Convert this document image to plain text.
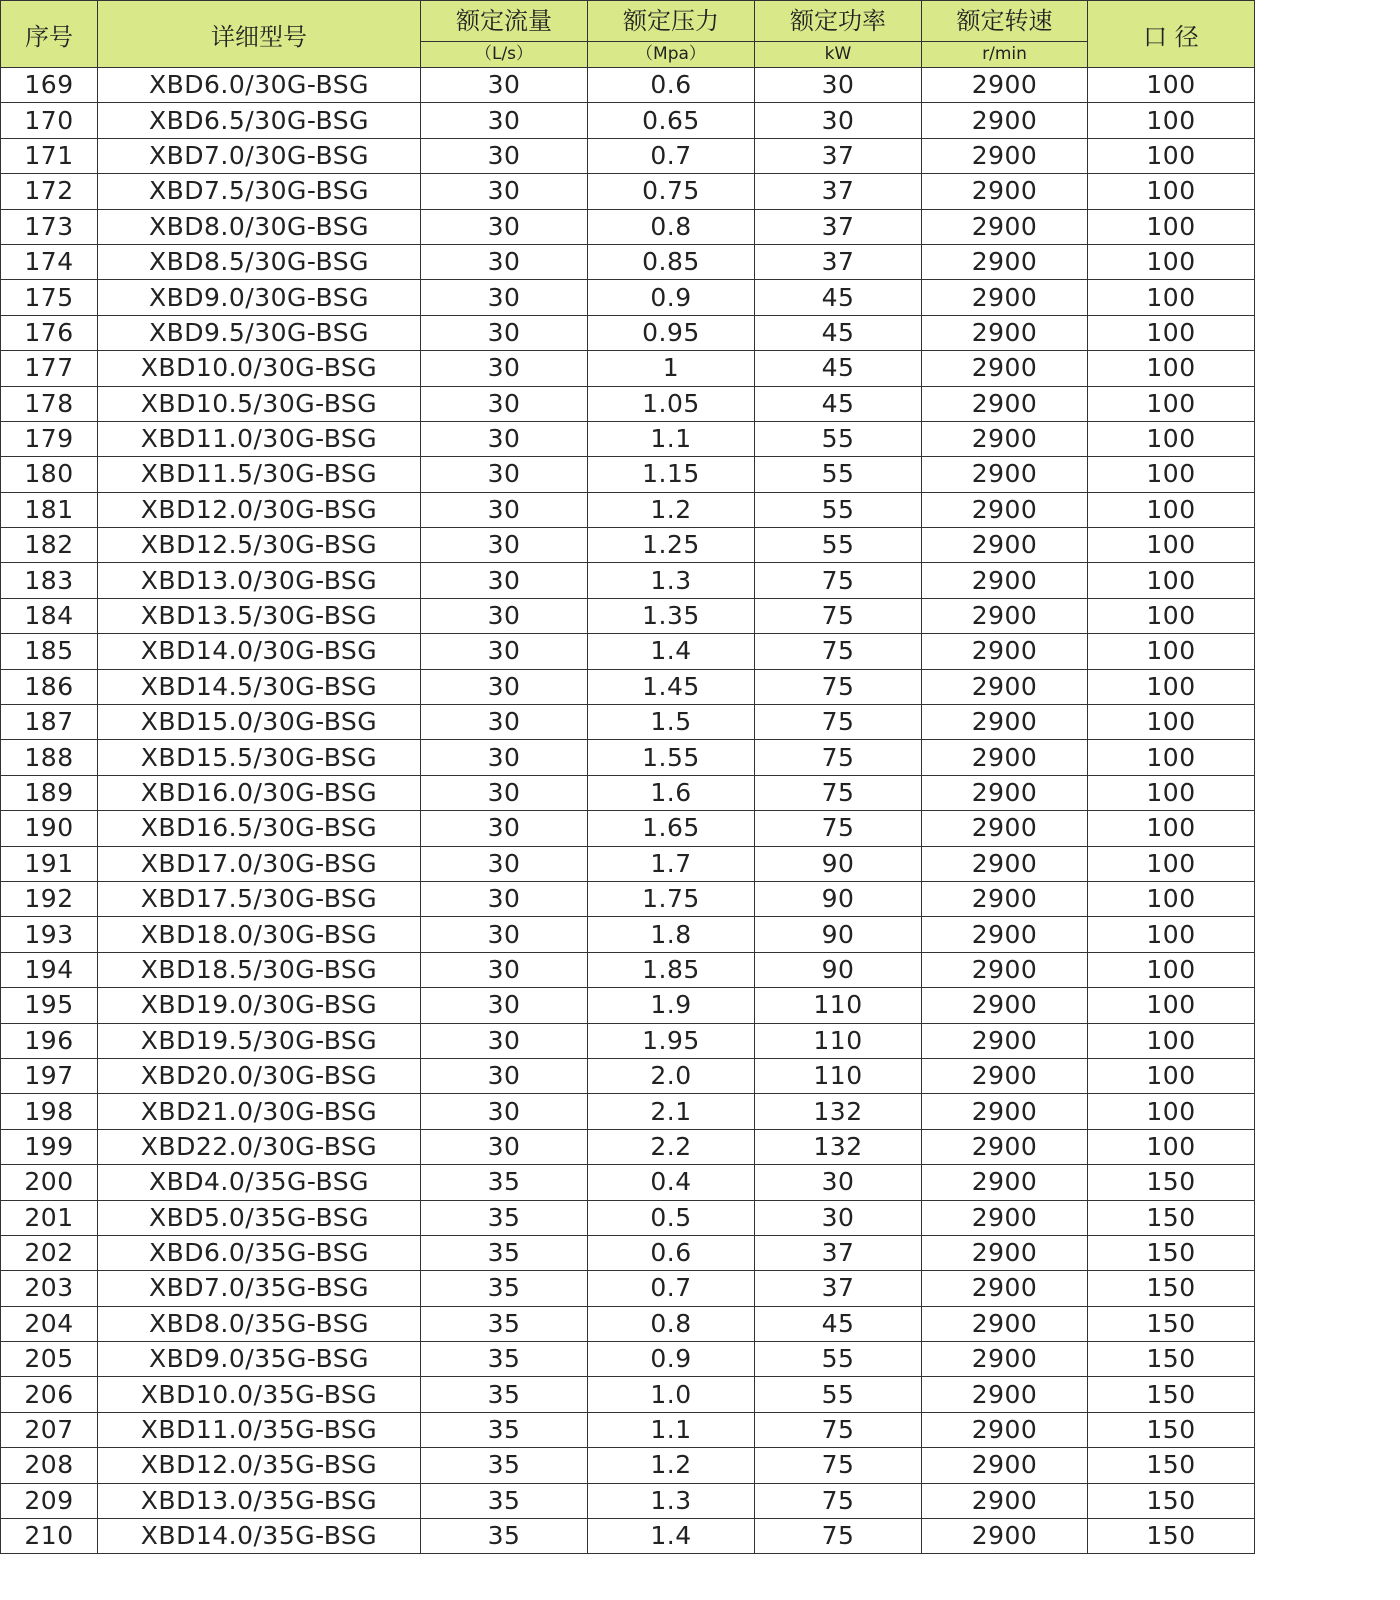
序号	详细型号	额定流量	额定压力	额定功率	额定转速	口 径
		（L/s）	（Mpa）	kW	r/min	
169	XBD6.0/30G-BSG	30	0.6	30	2900	100
170	XBD6.5/30G-BSG	30	0.65	30	2900	100
171	XBD7.0/30G-BSG	30	0.7	37	2900	100
172	XBD7.5/30G-BSG	30	0.75	37	2900	100
173	XBD8.0/30G-BSG	30	0.8	37	2900	100
174	XBD8.5/30G-BSG	30	0.85	37	2900	100
175	XBD9.0/30G-BSG	30	0.9	45	2900	100
176	XBD9.5/30G-BSG	30	0.95	45	2900	100
177	XBD10.0/30G-BSG	30	1	45	2900	100
178	XBD10.5/30G-BSG	30	1.05	45	2900	100
179	XBD11.0/30G-BSG	30	1.1	55	2900	100
180	XBD11.5/30G-BSG	30	1.15	55	2900	100
181	XBD12.0/30G-BSG	30	1.2	55	2900	100
182	XBD12.5/30G-BSG	30	1.25	55	2900	100
183	XBD13.0/30G-BSG	30	1.3	75	2900	100
184	XBD13.5/30G-BSG	30	1.35	75	2900	100
185	XBD14.0/30G-BSG	30	1.4	75	2900	100
186	XBD14.5/30G-BSG	30	1.45	75	2900	100
187	XBD15.0/30G-BSG	30	1.5	75	2900	100
188	XBD15.5/30G-BSG	30	1.55	75	2900	100
189	XBD16.0/30G-BSG	30	1.6	75	2900	100
190	XBD16.5/30G-BSG	30	1.65	75	2900	100
191	XBD17.0/30G-BSG	30	1.7	90	2900	100
192	XBD17.5/30G-BSG	30	1.75	90	2900	100
193	XBD18.0/30G-BSG	30	1.8	90	2900	100
194	XBD18.5/30G-BSG	30	1.85	90	2900	100
195	XBD19.0/30G-BSG	30	1.9	110	2900	100
196	XBD19.5/30G-BSG	30	1.95	110	2900	100
197	XBD20.0/30G-BSG	30	2.0	110	2900	100
198	XBD21.0/30G-BSG	30	2.1	132	2900	100
199	XBD22.0/30G-BSG	30	2.2	132	2900	100
200	XBD4.0/35G-BSG	35	0.4	30	2900	150
201	XBD5.0/35G-BSG	35	0.5	30	2900	150
202	XBD6.0/35G-BSG	35	0.6	37	2900	150
203	XBD7.0/35G-BSG	35	0.7	37	2900	150
204	XBD8.0/35G-BSG	35	0.8	45	2900	150
205	XBD9.0/35G-BSG	35	0.9	55	2900	150
206	XBD10.0/35G-BSG	35	1.0	55	2900	150
207	XBD11.0/35G-BSG	35	1.1	75	2900	150
208	XBD12.0/35G-BSG	35	1.2	75	2900	150
209	XBD13.0/35G-BSG	35	1.3	75	2900	150
210	XBD14.0/35G-BSG	35	1.4	75	2900	150
